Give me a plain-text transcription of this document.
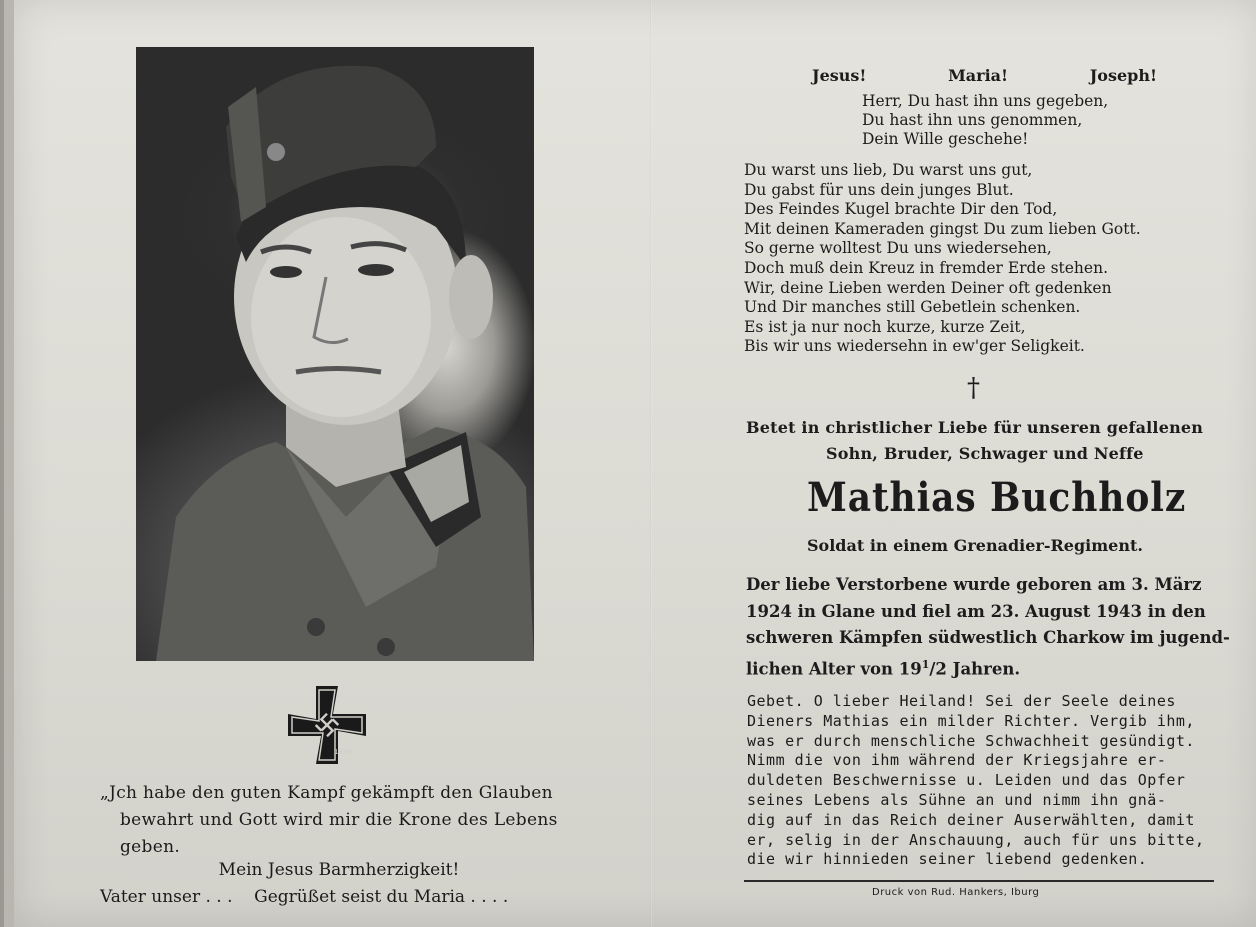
1939
„Jch habe den guten Kampf gekämpft den Glauben
bewahrt und Gott wird mir die Krone des Lebens
geben.
Mein Jesus Barmherzigkeit!
Vater unser . . .    Gegrüßet seist du Maria . . . .
Jesus!	Maria!	Joseph!
Herr, Du hast ihn uns gegeben,
Du hast ihn uns genommen,
Dein Wille geschehe!
Du warst uns lieb, Du warst uns gut,
Du gabst für uns dein junges Blut.
Des Feindes Kugel brachte Dir den Tod,
Mit deinen Kameraden gingst Du zum lieben Gott.
So gerne wolltest Du uns wiedersehen,
Doch muß dein Kreuz in fremder Erde stehen.
Wir, deine Lieben werden Deiner oft gedenken
Und Dir manches still Gebetlein schenken.
Es ist ja nur noch kurze, kurze Zeit,
Bis wir uns wiedersehn in ew'ger Seligkeit.
†
Betet in christlicher Liebe für unseren gefallenen
Sohn, Bruder, Schwager und Neffe
Mathias Buchholz
Soldat in einem Grenadier-Regiment.
Der liebe Verstorbene wurde geboren am 3. März
1924 in Glane und fiel am 23. August 1943 in den
schweren Kämpfen südwestlich Charkow im jugend-
lichen Alter von $19^1/2$ Jahren.
Gebet. O lieber Heiland! Sei der Seele deines
Dieners Mathias ein milder Richter. Vergib ihm,
was er durch menschliche Schwachheit gesündigt.
Nimm die von ihm während der Kriegsjahre er-
duldeten Beschwernisse u. Leiden und das Opfer
seines Lebens als Sühne an und nimm ihn gnä-
dig auf in das Reich deiner Auserwählten, damit
er, selig in der Anschauung, auch für uns bitte,
die wir hinnieden seiner liebend gedenken.
Druck von Rud. Hankers, Iburg
